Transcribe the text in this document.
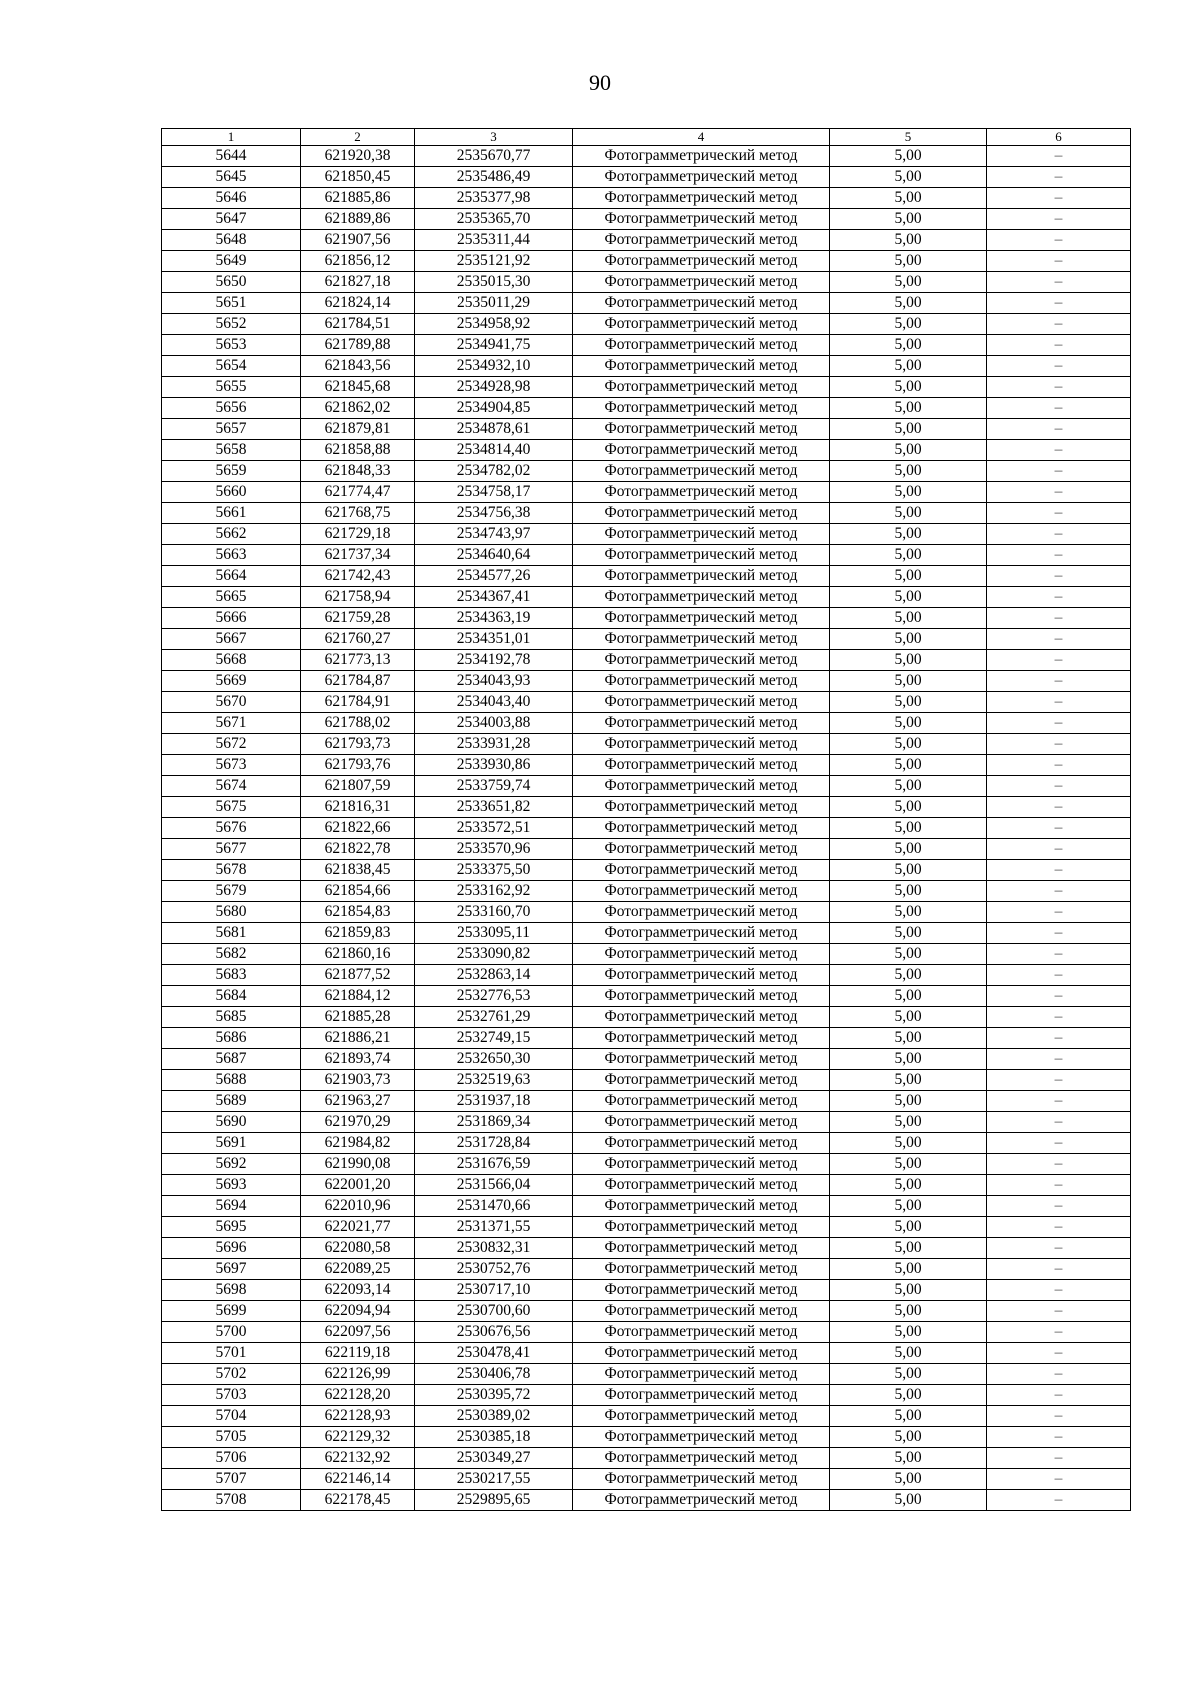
90
1	2	3	4	5	6
5644	621920,38	2535670,77	Фотограмметрический метод	5,00	–
5645	621850,45	2535486,49	Фотограмметрический метод	5,00	–
5646	621885,86	2535377,98	Фотограмметрический метод	5,00	–
5647	621889,86	2535365,70	Фотограмметрический метод	5,00	–
5648	621907,56	2535311,44	Фотограмметрический метод	5,00	–
5649	621856,12	2535121,92	Фотограмметрический метод	5,00	–
5650	621827,18	2535015,30	Фотограмметрический метод	5,00	–
5651	621824,14	2535011,29	Фотограмметрический метод	5,00	–
5652	621784,51	2534958,92	Фотограмметрический метод	5,00	–
5653	621789,88	2534941,75	Фотограмметрический метод	5,00	–
5654	621843,56	2534932,10	Фотограмметрический метод	5,00	–
5655	621845,68	2534928,98	Фотограмметрический метод	5,00	–
5656	621862,02	2534904,85	Фотограмметрический метод	5,00	–
5657	621879,81	2534878,61	Фотограмметрический метод	5,00	–
5658	621858,88	2534814,40	Фотограмметрический метод	5,00	–
5659	621848,33	2534782,02	Фотограмметрический метод	5,00	–
5660	621774,47	2534758,17	Фотограмметрический метод	5,00	–
5661	621768,75	2534756,38	Фотограмметрический метод	5,00	–
5662	621729,18	2534743,97	Фотограмметрический метод	5,00	–
5663	621737,34	2534640,64	Фотограмметрический метод	5,00	–
5664	621742,43	2534577,26	Фотограмметрический метод	5,00	–
5665	621758,94	2534367,41	Фотограмметрический метод	5,00	–
5666	621759,28	2534363,19	Фотограмметрический метод	5,00	–
5667	621760,27	2534351,01	Фотограмметрический метод	5,00	–
5668	621773,13	2534192,78	Фотограмметрический метод	5,00	–
5669	621784,87	2534043,93	Фотограмметрический метод	5,00	–
5670	621784,91	2534043,40	Фотограмметрический метод	5,00	–
5671	621788,02	2534003,88	Фотограмметрический метод	5,00	–
5672	621793,73	2533931,28	Фотограмметрический метод	5,00	–
5673	621793,76	2533930,86	Фотограмметрический метод	5,00	–
5674	621807,59	2533759,74	Фотограмметрический метод	5,00	–
5675	621816,31	2533651,82	Фотограмметрический метод	5,00	–
5676	621822,66	2533572,51	Фотограмметрический метод	5,00	–
5677	621822,78	2533570,96	Фотограмметрический метод	5,00	–
5678	621838,45	2533375,50	Фотограмметрический метод	5,00	–
5679	621854,66	2533162,92	Фотограмметрический метод	5,00	–
5680	621854,83	2533160,70	Фотограмметрический метод	5,00	–
5681	621859,83	2533095,11	Фотограмметрический метод	5,00	–
5682	621860,16	2533090,82	Фотограмметрический метод	5,00	–
5683	621877,52	2532863,14	Фотограмметрический метод	5,00	–
5684	621884,12	2532776,53	Фотограмметрический метод	5,00	–
5685	621885,28	2532761,29	Фотограмметрический метод	5,00	–
5686	621886,21	2532749,15	Фотограмметрический метод	5,00	–
5687	621893,74	2532650,30	Фотограмметрический метод	5,00	–
5688	621903,73	2532519,63	Фотограмметрический метод	5,00	–
5689	621963,27	2531937,18	Фотограмметрический метод	5,00	–
5690	621970,29	2531869,34	Фотограмметрический метод	5,00	–
5691	621984,82	2531728,84	Фотограмметрический метод	5,00	–
5692	621990,08	2531676,59	Фотограмметрический метод	5,00	–
5693	622001,20	2531566,04	Фотограмметрический метод	5,00	–
5694	622010,96	2531470,66	Фотограмметрический метод	5,00	–
5695	622021,77	2531371,55	Фотограмметрический метод	5,00	–
5696	622080,58	2530832,31	Фотограмметрический метод	5,00	–
5697	622089,25	2530752,76	Фотограмметрический метод	5,00	–
5698	622093,14	2530717,10	Фотограмметрический метод	5,00	–
5699	622094,94	2530700,60	Фотограмметрический метод	5,00	–
5700	622097,56	2530676,56	Фотограмметрический метод	5,00	–
5701	622119,18	2530478,41	Фотограмметрический метод	5,00	–
5702	622126,99	2530406,78	Фотограмметрический метод	5,00	–
5703	622128,20	2530395,72	Фотограмметрический метод	5,00	–
5704	622128,93	2530389,02	Фотограмметрический метод	5,00	–
5705	622129,32	2530385,18	Фотограмметрический метод	5,00	–
5706	622132,92	2530349,27	Фотограмметрический метод	5,00	–
5707	622146,14	2530217,55	Фотограмметрический метод	5,00	–
5708	622178,45	2529895,65	Фотограмметрический метод	5,00	–
